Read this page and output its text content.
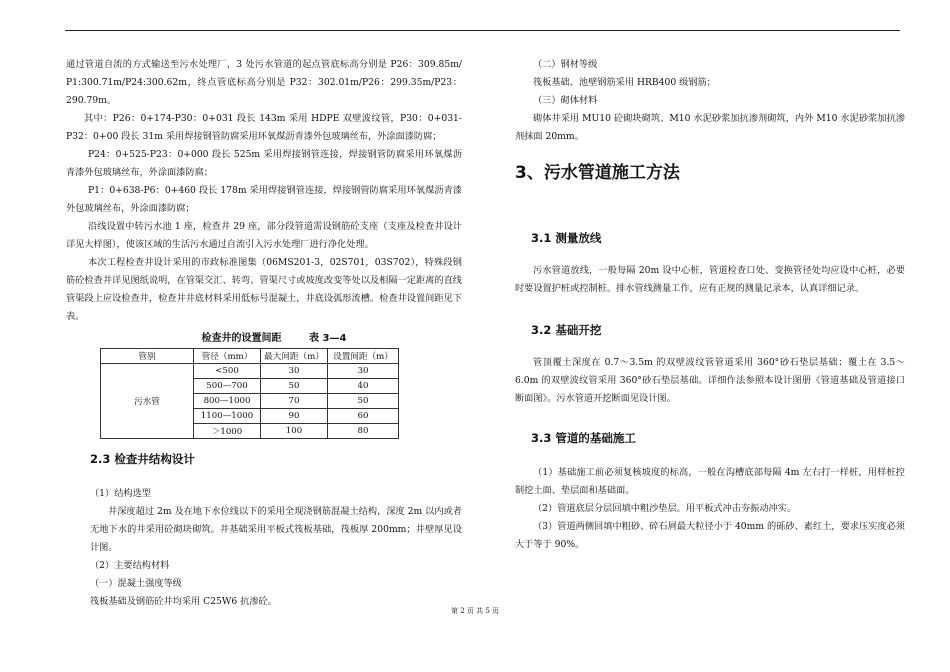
通过管道自流的方式输送至污水处理厂，3 处污水管道的起点管底标高分别是 P26：309.85m/ P1:300.71m/P24:300.62m，终点管底标高分别是 P32：302.01m/P26：299.35m/P23：290.79m。

其中：P26：0+174-P30：0+031 段长 143m 采用 HDPE 双壁波纹管，P30：0+031-P32：0+00 段长 31m 采用焊接钢管防腐采用环氧煤沥青漆外包玻璃丝布，外涂面漆防腐；

P24：0+525-P23：0+000 段长 525m 采用焊接钢管连接，焊接钢管防腐采用环氧煤沥青漆外包玻璃丝布，外涂面漆防腐；

P1：0+638-P6：0+460 段长 178m 采用焊接钢管连接，焊接钢管防腐采用环氧煤沥青漆外包玻璃丝布，外涂面漆防腐；

沿线设置中转污水池 1 座，检查井 29 座，部分段管道需设钢筋砼支座（支座及检查井设计详见大样图），使该区域的生活污水通过自流引入污水处理厂进行净化处理。

本次工程检查井设计采用的市政标准图集（06MS201-3，02S701，03S702），特殊段钢筋砼检查井详见图纸说明，在管渠交汇、转弯、管渠尺寸或坡度改变等处以及相隔一定距离的直线管渠段上应设检查井，检查井井底材料采用低标号混凝土，井底设弧形流槽。检查井设置间距见下表。

检查井的设置间距	表 3—4
管别	管径（mm）	最大间距（m）	设置间距（m）
污水管	<500	30	30
	500—700	50	40
	800—1000	70	50
	1100—1000	90	60
	＞1000	100	80
2.3 检查井结构设计

（1）结构选型

井深度超过 2m 及在地下水位线以下的采用全现浇钢筋混凝土结构，深度 2m 以内或者无地下水的井采用砼砌块砌筑。井基础采用平板式筏板基础，筏板厚 200mm；井壁厚见设计图。

（2）主要结构材料

（一）混凝土强度等级

筏板基础及钢筋砼井均采用 C25W6 抗渗砼。

（二）钢材等级

筏板基础、池壁钢筋采用 HRB400 级钢筋；

（三）砌体材料

砌体井采用 MU10 砼砌块砌筑、M10 水泥砂浆加抗渗剂砌筑，内外 M10 水泥砂浆加抗渗剂抹面 20mm。

3、污水管道施工方法
3.1 测量放线

污水管道放线，一般每隔 20m 设中心桩，管道检查口处、变换管径处均应设中心桩，必要时要设置护桩或控制桩。排水管线测量工作，应有正规的测量记录本，认真详细记录。

3.2 基础开挖

管顶覆土深度在 0.7～3.5m 的双壁波纹管管道采用 360°砂石垫层基础；覆土在 3.5～6.0m 的双壁波纹管采用 360°砂石垫层基础。详细作法参照本设计图册《管道基础及管道接口断面图》。污水管道开挖断面见设计图。

3.3 管道的基础施工

（1）基础施工前必须复核坡度的标高，一般在沟槽底部每隔 4m 左右打一样桩，用样桩控制挖土面、垫层面和基础面。

（2）管道底层分层回填中粗沙垫层。用平板式冲击夯振动冲实。

（3）管道两侧回填中粗砂、碎石屑最大粒径小于 40mm 的砾砂、素红土，要求压实度必须大于等于 90%。

第 2 页 共 5 页
